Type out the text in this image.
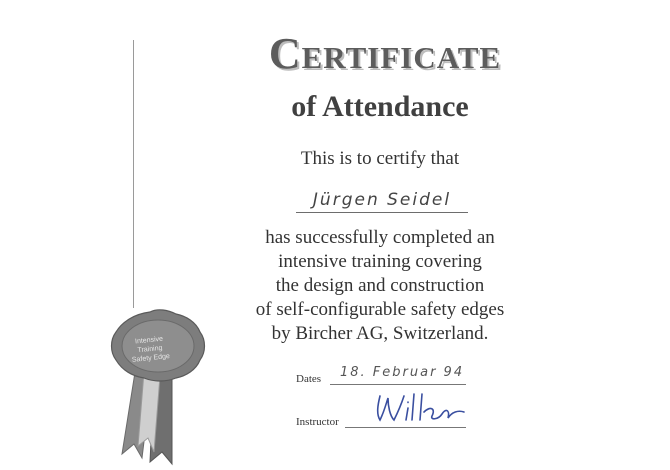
Certificate
of Attendance
This is to certify that
Jürgen Seidel
has successfully completed an
intensive training covering
the design and construction
of self-configurable safety edges
by Bircher AG, Switzerland.
Dates 18. Februar 94
Instructor
Intensive
Training
Safety Edge
